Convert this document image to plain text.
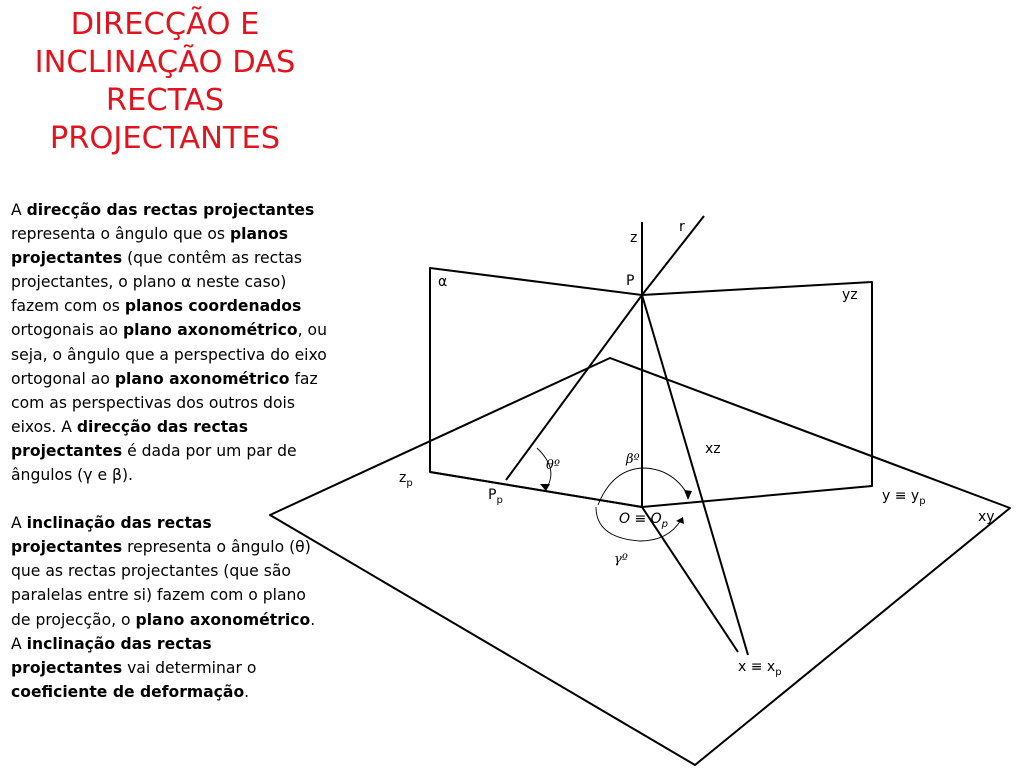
DIRECÇÃO E
INCLINAÇÃO DAS
RECTAS
PROJECTANTES

A direcção das rectas projectantes representa o ângulo que os planos projectantes (que contêm as rectas projectantes, o plano α neste caso) fazem com os planos coordenados ortogonais ao plano axonométrico, ou seja, o ângulo que a perspectiva do eixo ortogonal ao plano axonométrico faz com as perspectivas dos outros dois eixos. A direcção das rectas projectantes é dada por um par de ângulos (γ e β).

A inclinação das rectas projectantes representa o ângulo (θ) que as rectas projectantes (que são paralelas entre si) fazem com o plano de projecção, o plano axonométrico. A inclinação das rectas projectantes vai determinar o coeficiente de deformação.

r
z
P
α
yz
xz
$z_p$
$P_p$
θº	βº
γº
$O \equiv O_p$
$y \equiv y_p$
xy
$x \equiv x_p$
